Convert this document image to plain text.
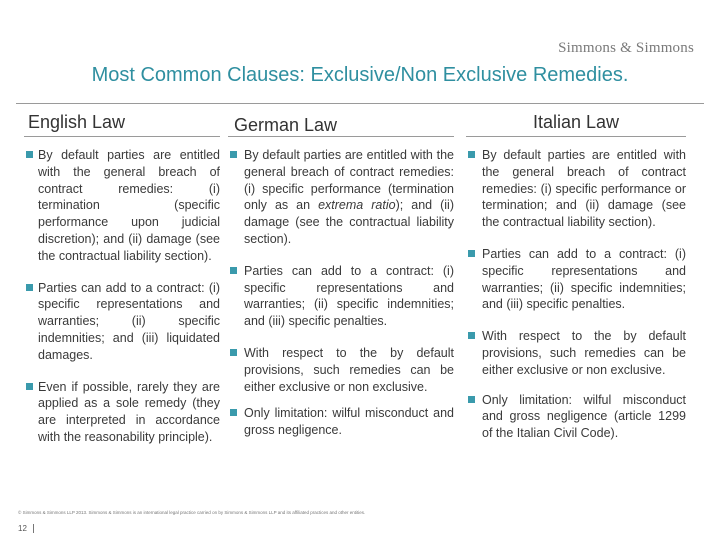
Simmons & Simmons
Most Common Clauses: Exclusive/Non Exclusive Remedies.
English Law
By default parties are entitled with the general breach of contract remedies: (i) termination (specific performance upon judicial discretion); and (ii) damage (see the contractual liability section).
Parties can add to a contract: (i) specific representations and warranties; (ii) specific indemnities; and (iii) liquidated damages.
Even if possible, rarely they are applied as a sole remedy (they are interpreted in accordance with the reasonability principle).
German Law
By default parties are entitled with the general breach of contract remedies: (i) specific performance (termination only as an extrema ratio); and (ii) damage (see the contractual liability section).
Parties can add to a contract: (i) specific representations and warranties; (ii) specific indemnities; and (iii) specific penalties.
With respect to the by default provisions, such remedies can be either exclusive or non exclusive.
Only limitation: wilful misconduct and gross negligence.
Italian Law
By default parties are entitled with the general breach of contract remedies: (i) specific performance or termination; and (ii) damage (see the contractual liability section).
Parties can add to a contract: (i) specific representations and warranties; (ii) specific indemnities; and (iii) specific penalties.
With respect to the by default provisions, such remedies can be either exclusive or non exclusive.
Only limitation: wilful misconduct and gross negligence (article 1299 of the Italian Civil Code).
© Simmons & Simmons LLP 2013. Simmons & Simmons is an international legal practice carried on by Simmons & Simmons LLP and its affiliated practices and other entities.
12
